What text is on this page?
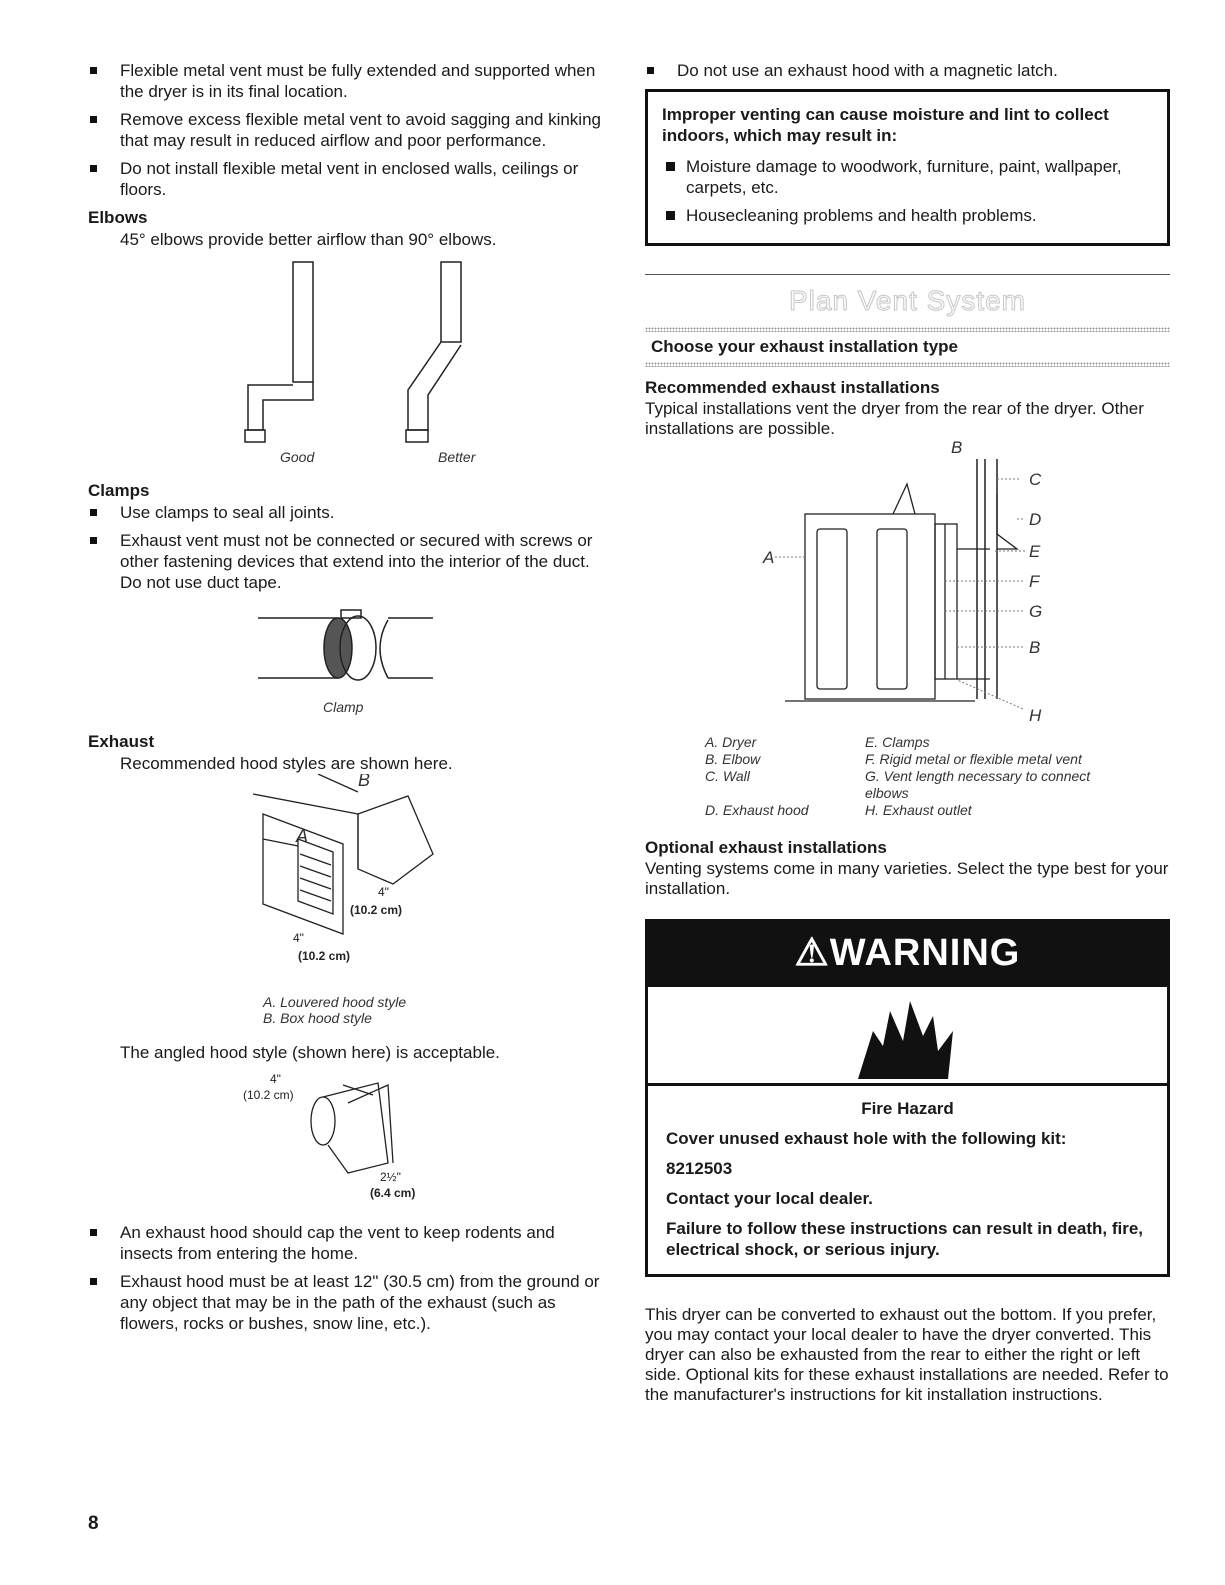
Flexible metal vent must be fully extended and supported when the dryer is in its final location.
Remove excess flexible metal vent to avoid sagging and kinking that may result in reduced airflow and poor performance.
Do not install flexible metal vent in enclosed walls, ceilings or floors.
Elbows
45° elbows provide better airflow than 90° elbows.
Good	Better
Clamps
Use clamps to seal all joints.
Exhaust vent must not be connected or secured with screws or other fastening devices that extend into the interior of the duct. Do not use duct tape.
Clamp
Exhaust
Recommended hood styles are shown here.
A
B
4"
(10.2 cm)
4"
(10.2 cm)
A. Louvered hood style
B. Box hood style
The angled hood style (shown here) is acceptable.
4"
(10.2 cm)
2½"
(6.4 cm)
An exhaust hood should cap the vent to keep rodents and insects from entering the home.
Exhaust hood must be at least 12" (30.5 cm) from the ground or any object that may be in the path of the exhaust (such as flowers, rocks or bushes, snow line, etc.).
Do not use an exhaust hood with a magnetic latch.
Improper venting can cause moisture and lint to collect indoors, which may result in:
Moisture damage to woodwork, furniture, paint, wallpaper, carpets, etc.
Housecleaning problems and health problems.
Plan Vent System
Choose your exhaust installation type
Recommended exhaust installations

Typical installations vent the dryer from the rear of the dryer. Other installations are possible.

A
B
C
D
E
F
G
B
H
A. Dryer	E. Clamps
B. Elbow	F. Rigid metal or flexible metal vent
C. Wall	G. Vent length necessary to connect elbows
D. Exhaust hood	H. Exhaust outlet
Optional exhaust installations

Venting systems come in many varieties. Select the type best for your installation.

⚠WARNING
Fire Hazard
Cover unused exhaust hole with the following kit:
8212503
Contact your local dealer.
Failure to follow these instructions can result in death, fire, electrical shock, or serious injury.

This dryer can be converted to exhaust out the bottom. If you prefer, you may contact your local dealer to have the dryer converted. This dryer can also be exhausted from the rear to either the right or left side. Optional kits for these exhaust installations are needed. Refer to the manufacturer's instructions for kit installation instructions.

8
